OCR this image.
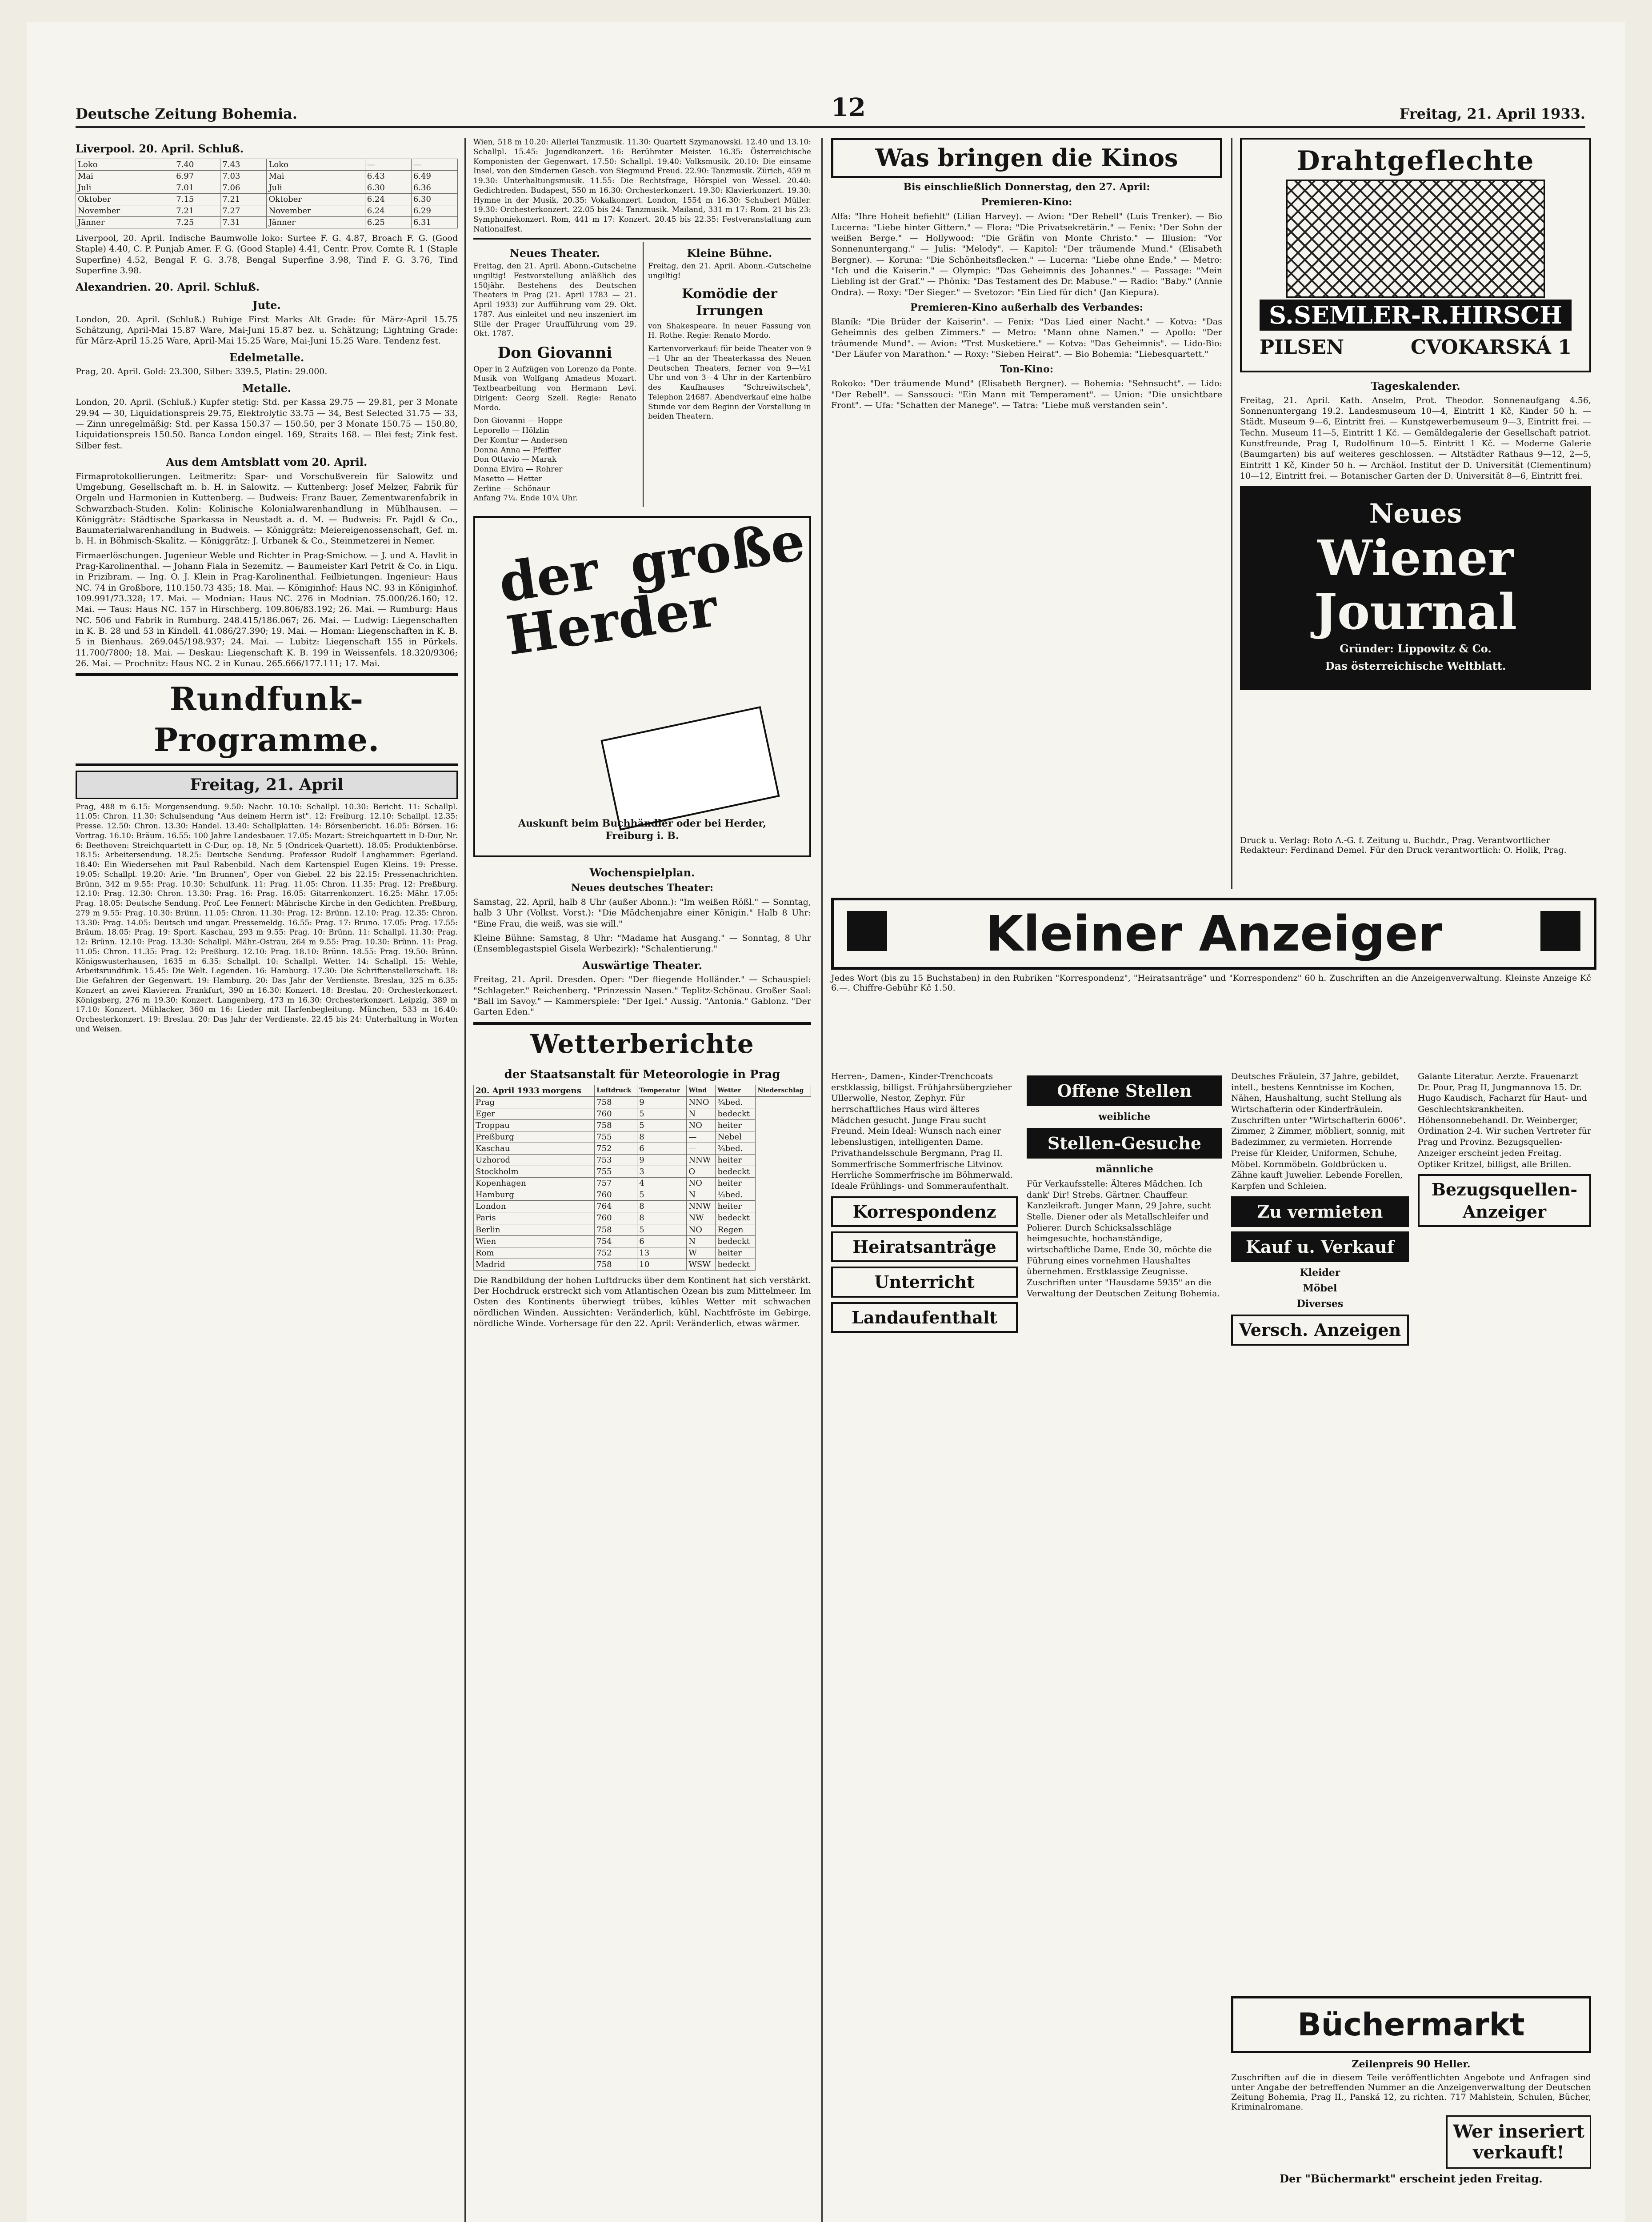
Deutsche Zeitung Bohemia.	12	Freitag, 21. April 1933.
Liverpool. 20. April. Schluß.
Loko	7.40	7.43	Loko	—	—
Mai	6.97	7.03	Mai	6.43	6.49
Juli	7.01	7.06	Juli	6.30	6.36
Oktober	7.15	7.21	Oktober	6.24	6.30
November	7.21	7.27	November	6.24	6.29
Jänner	7.25	7.31	Jänner	6.25	6.31

Liverpool, 20. April. Indische Baumwolle loko: Surtee F. G. 4.87, Broach F. G. (Good Staple) 4.40, C. P. Punjab Amer. F. G. (Good Staple) 4.41, Centr. Prov. Comte R. 1 (Staple Superfine) 4.52, Bengal F. G. 3.78, Bengal Superfine 3.98, Tind F. G. 3.76, Tind Superfine 3.98.

Alexandrien. 20. April. Schluß.
Jute.

London, 20. April. (Schluß.) Ruhige First Marks Alt Grade: für März-April 15.75 Schätzung, April-Mai 15.87 Ware, Mai-Juni 15.87 bez. u. Schätzung; Lightning Grade: für März-April 15.25 Ware, April-Mai 15.25 Ware, Mai-Juni 15.25 Ware. Tendenz fest.

Edelmetalle.

Prag, 20. April. Gold: 23.300, Silber: 339.5, Platin: 29.000.

Metalle.

London, 20. April. (Schluß.) Kupfer stetig: Std. per Kassa 29.75 — 29.81, per 3 Monate 29.94 — 30, Liquidationspreis 29.75, Elektrolytic 33.75 — 34, Best Selected 31.75 — 33, — Zinn unregelmäßig: Std. per Kassa 150.37 — 150.50, per 3 Monate 150.75 — 150.80, Liquidationspreis 150.50. Banca London eingel. 169, Straits 168. — Blei fest; Zink fest. Silber fest.

Aus dem Amtsblatt vom 20. April.

Firmaprotokollierungen. Leitmeritz: Spar- und Vorschußverein für Salowitz und Umgebung, Gesellschaft m. b. H. in Salowitz. — Kuttenberg: Josef Melzer, Fabrik für Orgeln und Harmonien in Kuttenberg. — Budweis: Franz Bauer, Zementwarenfabrik in Schwarzbach-Studen. Kolin: Kolinische Kolonialwarenhandlung in Mühlhausen. — Königgrätz: Städtische Sparkassa in Neustadt a. d. M. — Budweis: Fr. Pajdl & Co., Baumaterialwarenhandlung in Budweis. — Königgrätz: Meiereigenossenschaft, Gef. m. b. H. in Böhmisch-Skalitz. — Königgrätz: J. Urbanek & Co., Steinmetzerei in Nemer.

Firmaerlöschungen. Jugenieur Weble und Richter in Prag-Smichow. — J. und A. Havlit in Prag-Karolinenthal. — Johann Fiala in Sezemitz. — Baumeister Karl Petrit & Co. in Liqu. in Prizibram. — Ing. O. J. Klein in Prag-Karolinenthal. Feilbietungen. Ingenieur: Haus NC. 74 in Großbore, 110.150.73 435; 18. Mai. — Königinhof: Haus NC. 93 in Königinhof. 109.991/73.328; 17. Mai. — Modnian: Haus NC. 276 in Modnian. 75.000/26.160; 12. Mai. — Taus: Haus NC. 157 in Hirschberg. 109.806/83.192; 26. Mai. — Rumburg: Haus NC. 506 und Fabrik in Rumburg. 248.415/186.067; 26. Mai. — Ludwig: Liegenschaften in K. B. 28 und 53 in Kindell. 41.086/27.390; 19. Mai. — Homan: Liegenschaften in K. B. 5 in Bienhaus. 269.045/198.937; 24. Mai. — Lubitz: Liegenschaft 155 in Pürkels. 11.700/7800; 18. Mai. — Deskau: Liegenschaft K. B. 199 in Weissenfels. 18.320/9306; 26. Mai. — Prochnitz: Haus NC. 2 in Kunau. 265.666/177.111; 17. Mai.

Rundfunk-Programme.
Freitag, 21. April

Prag, 488 m 6.15: Morgensendung. 9.50: Nachr. 10.10: Schallpl. 10.30: Bericht. 11: Schallpl. 11.05: Chron. 11.30: Schulsendung "Aus deinem Herrn ist". 12: Freiburg. 12.10: Schallpl. 12.35: Presse. 12.50: Chron. 13.30: Handel. 13.40: Schallplatten. 14: Börsenbericht. 16.05: Börsen. 16: Vortrag. 16.10: Bräum. 16.55: 100 Jahre Landesbauer. 17.05: Mozart: Streichquartett in D-Dur, Nr. 6: Beethoven: Streichquartett in C-Dur, op. 18, Nr. 5 (Ondricek-Quartett). 18.05: Produktenbörse. 18.15: Arbeitersendung. 18.25: Deutsche Sendung. Professor Rudolf Langhammer: Egerland. 18.40: Ein Wiedersehen mit Paul Rabenbild. Nach dem Kartenspiel Eugen Kleins. 19: Presse. 19.05: Schallpl. 19.20: Arie. "Im Brunnen", Oper von Giebel. 22 bis 22.15: Pressenachrichten. Brünn, 342 m 9.55: Prag. 10.30: Schulfunk. 11: Prag. 11.05: Chron. 11.35: Prag. 12: Preßburg. 12.10: Prag. 12.30: Chron. 13.30: Prag. 16: Prag. 16.05: Gitarrenkonzert. 16.25: Mähr. 17.05: Prag. 18.05: Deutsche Sendung. Prof. Lee Fennert: Mährische Kirche in den Gedichten. Preßburg, 279 m 9.55: Prag. 10.30: Brünn. 11.05: Chron. 11.30: Prag. 12: Brünn. 12.10: Prag. 12.35: Chron. 13.30: Prag. 14.05: Deutsch und ungar. Pressemeldg. 16.55: Prag. 17: Bruno. 17.05: Prag. 17.55: Bräum. 18.05: Prag. 19: Sport. Kaschau, 293 m 9.55: Prag. 10: Brünn. 11: Schallpl. 11.30: Prag. 12: Brünn. 12.10: Prag. 13.30: Schallpl. Mähr.-Ostrau, 264 m 9.55: Prag. 10.30: Brünn. 11: Prag. 11.05: Chron. 11.35: Prag. 12: Preßburg. 12.10: Prag. 18.10: Brünn. 18.55: Prag. 19.50: Brünn. Königswusterhausen, 1635 m 6.35: Schallpl. 10: Schallpl. Wetter. 14: Schallpl. 15: Wehle, Arbeitsrundfunk. 15.45: Die Welt. Legenden. 16: Hamburg. 17.30: Die Schriftenstellerschaft. 18: Die Gefahren der Gegenwart. 19: Hamburg. 20: Das Jahr der Verdienste. Breslau, 325 m 6.35: Konzert an zwei Klavieren. Frankfurt, 390 m 16.30: Konzert. 18: Breslau. 20: Orchesterkonzert. Königsberg, 276 m 19.30: Konzert. Langenberg, 473 m 16.30: Orchesterkonzert. Leipzig, 389 m 17.10: Konzert. Mühlacker, 360 m 16: Lieder mit Harfenbegleitung. München, 533 m 16.40: Orchesterkonzert. 19: Breslau. 20: Das Jahr der Verdienste. 22.45 bis 24: Unterhaltung in Worten und Weisen.

Wien, 518 m 10.20: Allerlei Tanzmusik. 11.30: Quartett Szymanowski. 12.40 und 13.10: Schallpl. 15.45: Jugendkonzert. 16: Berühmter Meister. 16.35: Österreichische Komponisten der Gegenwart. 17.50: Schallpl. 19.40: Volksmusik. 20.10: Die einsame Insel, von den Sindernen Gesch. von Siegmund Freud. 22.90: Tanzmusik. Zürich, 459 m 19.30: Unterhaltungsmusik. 11.55: Die Rechtsfrage, Hörspiel von Wessel. 20.40: Gedichtreden. Budapest, 550 m 16.30: Orchesterkonzert. 19.30: Klavierkonzert. 19.30: Hymne in der Musik. 20.35: Vokalkonzert. London, 1554 m 16.30: Schubert Müller. 19.30: Orchesterkonzert. 22.05 bis 24: Tanzmusik. Mailand, 331 m 17: Rom. 21 bis 23: Symphoniekonzert. Rom, 441 m 17: Konzert. 20.45 bis 22.35: Festveranstaltung zum Nationalfest.

Neues Theater.

Freitag, den 21. April. Abonn.-Gutscheine ungiltig! Festvorstellung anläßlich des 150jähr. Bestehens des Deutschen Theaters in Prag (21. April 1783 — 21. April 1933) zur Aufführung vom 29. Okt. 1787. Aus einleitet und neu inszeniert im Stile der Prager Uraufführung vom 29. Okt. 1787.

Don Giovanni

Oper in 2 Aufzügen von Lorenzo da Ponte. Musik von Wolfgang Amadeus Mozart. Textbearbeitung von Hermann Levi. Dirigent: Georg Szell. Regie: Renato Mordo.

Don Giovanni — Hoppe
Leporello — Hölzlin
Der Komtur — Andersen
Donna Anna — Pfeiffer
Don Ottavio — Marak
Donna Elvira — Rohrer
Masetto — Hetter
Zerline — Schönaur

Anfang 7¼. Ende 10¼ Uhr.

Kleine Bühne.

Freitag, den 21. April. Abonn.-Gutscheine ungiltig!

Komödie der Irrungen

von Shakespeare. In neuer Fassung von H. Rothe. Regie: Renato Mordo.

Kartenvorverkauf: für beide Theater von 9—1 Uhr an der Theaterkassa des Neuen Deutschen Theaters, ferner von 9—½1 Uhr und von 3—4 Uhr in der Kartenbüro des Kaufhauses "Schreiwitschek", Telephon 24687. Abendverkauf eine halbe Stunde vor dem Beginn der Vorstellung in beiden Theatern.

der große Herder
Auskunft beim Buchhändler oder bei Herder, Freiburg i. B.
Wochenspielplan.
Neues deutsches Theater:

Samstag, 22. April, halb 8 Uhr (außer Abonn.): "Im weißen Rößl." — Sonntag, halb 3 Uhr (Volkst. Vorst.): "Die Mädchenjahre einer Königin." Halb 8 Uhr: "Eine Frau, die weiß, was sie will."

Kleine Bühne: Samstag, 8 Uhr: "Madame hat Ausgang." — Sonntag, 8 Uhr (Ensemblegastspiel Gisela Werbezirk): "Schalentierung."

Auswärtige Theater.

Freitag, 21. April. Dresden. Oper: "Der fliegende Holländer." — Schauspiel: "Schlageter." Reichenberg. "Prinzessin Nasen." Teplitz-Schönau. Großer Saal: "Ball im Savoy." — Kammerspiele: "Der Igel." Aussig. "Antonia." Gablonz. "Der Garten Eden."

Wetterberichte
der Staatsanstalt für Meteorologie in Prag
20. April 1933 morgens	Luftdruck	Temperatur	Wind	Wetter	Niederschlag
Prag	758	9	NNO	¾bed.	
Eger	760	5	N	bedeckt	
Troppau	758	5	NO	heiter	
Preßburg	755	8	—	Nebel	
Kaschau	752	6	—	¾bed.	
Uzhorod	753	9	NNW	heiter	
Stockholm	755	3	O	bedeckt	
Kopenhagen	757	4	NO	heiter	
Hamburg	760	5	N	¼bed.	
London	764	8	NNW	heiter	
Paris	760	8	NW	bedeckt	
Berlin	758	5	NO	Regen	
Wien	754	6	N	bedeckt	
Rom	752	13	W	heiter	
Madrid	758	10	WSW	bedeckt	

Die Randbildung der hohen Luftdrucks über dem Kontinent hat sich verstärkt. Der Hochdruck erstreckt sich vom Atlantischen Ozean bis zum Mittelmeer. Im Osten des Kontinents überwiegt trübes, kühles Wetter mit schwachen nördlichen Winden. Aussichten: Veränderlich, kühl, Nachtfröste im Gebirge, nördliche Winde. Vorhersage für den 22. April: Veränderlich, etwas wärmer.

Was bringen die Kinos
Bis einschließlich Donnerstag, den 27. April:
Premieren-Kino:

Alfa: "Ihre Hoheit befiehlt" (Lilian Harvey). — Avion: "Der Rebell" (Luis Trenker). — Bio Lucerna: "Liebe hinter Gittern." — Flora: "Die Privatsekretärin." — Fenix: "Der Sohn der weißen Berge." — Hollywood: "Die Gräfin von Monte Christo." — Illusion: "Vor Sonnenuntergang." — Julis: "Melody". — Kapitol: "Der träumende Mund." (Elisabeth Bergner). — Koruna: "Die Schönheitsflecken." — Lucerna: "Liebe ohne Ende." — Metro: "Ich und die Kaiserin." — Olympic: "Das Geheimnis des Johannes." — Passage: "Mein Liebling ist der Graf." — Phönix: "Das Testament des Dr. Mabuse." — Radio: "Baby." (Annie Ondra). — Roxy: "Der Sieger." — Svetozor: "Ein Lied für dich" (Jan Kiepura).

Premieren-Kino außerhalb des Verbandes:

Blaník: "Die Brüder der Kaiserin". — Fenix: "Das Lied einer Nacht." — Kotva: "Das Geheimnis des gelben Zimmers." — Metro: "Mann ohne Namen." — Apollo: "Der träumende Mund". — Avion: "Trst Musketiere." — Kotva: "Das Geheimnis". — Lido-Bio: "Der Läufer von Marathon." — Roxy: "Sieben Heirat". — Bio Bohemia: "Liebesquartett."

Ton-Kino:

Rokoko: "Der träumende Mund" (Elisabeth Bergner). — Bohemia: "Sehnsucht". — Lido: "Der Rebell". — Sanssouci: "Ein Mann mit Temperament". — Union: "Die unsichtbare Front". — Ufa: "Schatten der Manege". — Tatra: "Liebe muß verstanden sein".

Drahtgeflechte
S.SEMLER-R.HIRSCH
PILSEN	CVOKARSKÁ 1
Tageskalender.

Freitag, 21. April. Kath. Anselm, Prot. Theodor. Sonnenaufgang 4.56, Sonnenuntergang 19.2. Landesmuseum 10—4, Eintritt 1 Kč, Kinder 50 h. — Städt. Museum 9—6, Eintritt frei. — Kunstgewerbemuseum 9—3, Eintritt frei. — Techn. Museum 11—5, Eintritt 1 Kč. — Gemäldegalerie der Gesellschaft patriot. Kunstfreunde, Prag I, Rudolfinum 10—5. Eintritt 1 Kč. — Moderne Galerie (Baumgarten) bis auf weiteres geschlossen. — Altstädter Rathaus 9—12, 2—5, Eintritt 1 Kč, Kinder 50 h. — Archäol. Institut der D. Universität (Clementinum) 10—12, Eintritt frei. — Botanischer Garten der D. Universität 8—6, Eintritt frei.

Neues
Wiener Journal
Gründer: Lippowitz & Co.
Das österreichische Weltblatt.
Druck u. Verlag: Roto A.-G. f. Zeitung u. Buchdr., Prag. Verantwortlicher Redakteur: Ferdinand Demel. Für den Druck verantwortlich: O. Holik, Prag.
Kleiner Anzeiger
Jedes Wort (bis zu 15 Buchstaben) in den Rubriken "Korrespondenz", "Heiratsanträge" und "Korrespondenz" 60 h. Zuschriften an die Anzeigenverwaltung. Kleinste Anzeige Kč 6.—. Chiffre-Gebühr Kč 1.50.

Herren-, Damen-, Kinder-Trenchcoats erstklassig, billigst. Frühjahrsübergzieher Ullerwolle, Nestor, Zephyr. Für herrschaftliches Haus wird älteres Mädchen gesucht. Junge Frau sucht Freund. Mein Ideal: Wunsch nach einer lebenslustigen, intelligenten Dame. Privathandelsschule Bergmann, Prag II. Sommerfrische Sommerfrische Litvinov. Herrliche Sommerfrische im Böhmerwald. Ideale Frühlings- und Sommeraufenthalt.

Korrespondenz
Heiratsanträge
Unterricht
Landaufenthalt
Offene Stellen
weibliche
Stellen-Gesuche
männliche

Für Verkaufsstelle: Älteres Mädchen. Ich dank' Dir! Strebs. Gärtner. Chauffeur. Kanzleikraft. Junger Mann, 29 Jahre, sucht Stelle. Diener oder als Metallschleifer und Polierer. Durch Schicksalsschläge heimgesuchte, hochanständige, wirtschaftliche Dame, Ende 30, möchte die Führung eines vornehmen Haushaltes übernehmen. Erstklassige Zeugnisse. Zuschriften unter "Hausdame 5935" an die Verwaltung der Deutschen Zeitung Bohemia.

Deutsches Fräulein, 37 Jahre, gebildet, intell., bestens Kenntnisse im Kochen, Nähen, Haushaltung, sucht Stellung als Wirtschafterin oder Kinderfräulein. Zuschriften unter "Wirtschafterin 6006". Zimmer, 2 Zimmer, möbliert, sonnig, mit Badezimmer, zu vermieten. Horrende Preise für Kleider, Uniformen, Schuhe, Möbel. Kornmöbeln. Goldbrücken u. Zähne kauft Juwelier. Lebende Forellen, Karpfen und Schleien.

Zu vermieten
Kauf u. Verkauf
Kleider
Möbel
Diverses
Versch. Anzeigen

Galante Literatur. Aerzte. Frauenarzt Dr. Pour, Prag II, Jungmannova 15. Dr. Hugo Kaudisch, Facharzt für Haut- und Geschlechtskrankheiten. Höhensonnebehandl. Dr. Weinberger, Ordination 2-4. Wir suchen Vertreter für Prag und Provinz. Bezugsquellen-Anzeiger erscheint jeden Freitag. Optiker Kritzel, billigst, alle Brillen.

Bezugsquellen-Anzeiger
Büchermarkt
Zeilenpreis 90 Heller.

Zuschriften auf die in diesem Teile veröffentlichten Angebote und Anfragen sind unter Angabe der betreffenden Nummer an die Anzeigenverwaltung der Deutschen Zeitung Bohemia, Prag II., Panská 12, zu richten. 717 Mahlstein, Schulen, Bücher, Kriminalromane.

Wer inseriert verkauft!
Der "Büchermarkt" erscheint jeden Freitag.
